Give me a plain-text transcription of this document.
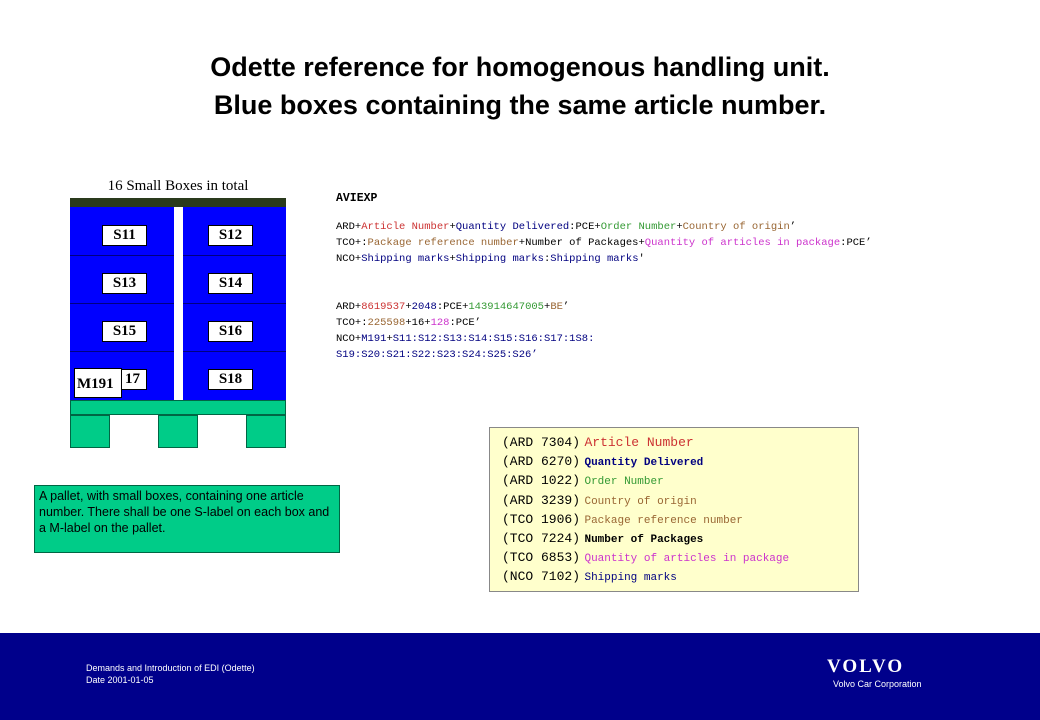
Odette reference for homogenous handling unit.
Blue boxes containing the same article number.
16 Small Boxes in total
S11	S12
S13	S14
S15	S16
17	S18
M191
A pallet, with small boxes, containing one article number. There shall be one S-label on each box and a M-label on the pallet.
AVIEXP
ARD+Article Number+Quantity Delivered:PCE+Order Number+Country of origin’
TCO+:Package reference number+Number of Packages+Quantity of articles in package:PCE’
NCO+Shipping marks+Shipping marks:Shipping marks'
ARD+8619537+2048:PCE+143914647005+BE’
TCO+:225598+16+128:PCE’
NCO+M191+S11:S12:S13:S14:S15:S16:S17:1S8:
S19:S20:S21:S22:S23:S24:S25:S26’
(ARD 7304) Article Number
(ARD 6270) Quantity Delivered
(ARD 1022) Order Number
(ARD 3239) Country of origin
(TCO 1906) Package reference number
(TCO 7224) Number of Packages
(TCO 6853) Quantity of articles in package
(NCO 7102) Shipping marks
Demands and Introduction of EDI (Odette)
Date 2001-01-05
VOLVO
Volvo Car Corporation
